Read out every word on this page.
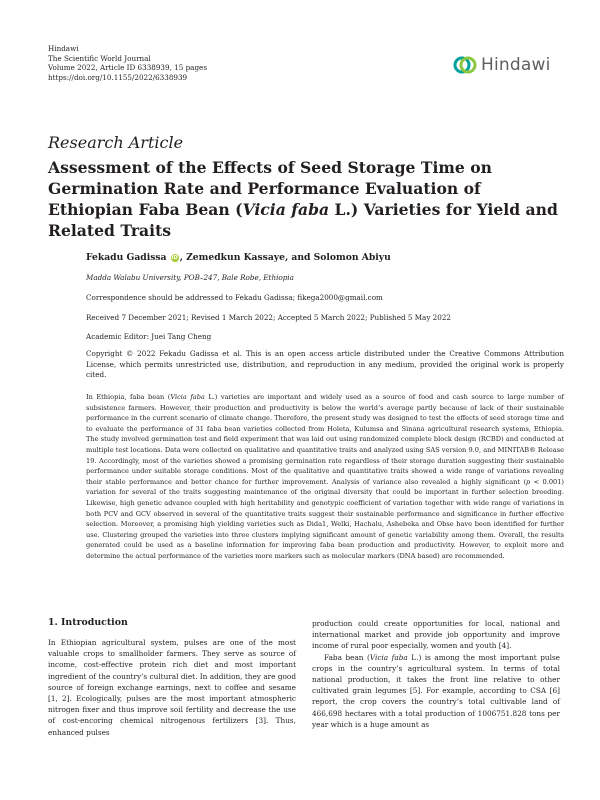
Hindawi
The Scientific World Journal
Volume 2022, Article ID 6338939, 15 pages
https://doi.org/10.1155/2022/6338939
Hindawi
Research Article
Assessment of the Effects of Seed Storage Time on Germination Rate and Performance Evaluation of Ethiopian Faba Bean (Vicia faba L.) Varieties for Yield and Related Traits
Fekadu Gadissa iD , Zemedkun Kassaye, and Solomon Abiyu
Madda Walabu University, POB–247, Bale Robe, Ethiopia
Correspondence should be addressed to Fekadu Gadissa; fikega2000@gmail.com
Received 7 December 2021; Revised 1 March 2022; Accepted 5 March 2022; Published 5 May 2022
Academic Editor: Juei Tang Cheng

Copyright © 2022 Fekadu Gadissa et al. This is an open access article distributed under the Creative Commons Attribution License, which permits unrestricted use, distribution, and reproduction in any medium, provided the original work is properly cited.

In Ethiopia, faba bean (Vicia faba L.) varieties are important and widely used as a source of food and cash source to large number of subsistence farmers. However, their production and productivity is below the world’s average partly because of lack of their sustainable performance in the current scenario of climate change. Therefore, the present study was designed to test the effects of seed storage time and to evaluate the performance of 31 faba bean varieties collected from Holeta, Kulumsa and Sinana agricultural research systems, Ethiopia. The study involved germination test and field experiment that was laid out using randomized complete block design (RCBD) and conducted at multiple test locations. Data were collected on qualitative and quantitative traits and analyzed using SAS version 9.0, and MINITAB® Release 19. Accordingly, most of the varieties showed a promising germination rate regardless of their storage duration suggesting their sustainable performance under suitable storage conditions. Most of the qualitative and quantitative traits showed a wide range of variations revealing their stable performance and better chance for further improvement. Analysis of variance also revealed a highly significant (p < 0.001) variation for several of the traits suggesting maintenance of the original diversity that could be important in further selection breeding. Likewise, high genetic advance coupled with high heritability and genotypic coefficient of variation together with wide range of variations in both PCV and GCV observed in several of the quantitative traits suggest their sustainable performance and significance in further effective selection. Moreover, a promising high yielding varieties such as Dida1, Welki, Hachalu, Ashebeka and Obse have been identified for further use. Clustering grouped the varieties into three clusters implying significant amount of genetic variability among them. Overall, the results generated could be used as a baseline information for improving faba bean production and productivity. However, to exploit more and determine the actual performance of the varieties more markers such as molecular markers (DNA based) are recommended.

1. Introduction

In Ethiopian agricultural system, pulses are one of the most valuable crops to smallholder farmers. They serve as source of income, cost-effective protein rich diet and most important ingredient of the country’s cultural diet. In addition, they are good source of foreign exchange earnings, next to coffee and sesame [1, 2]. Ecologically, pulses are the most important atmospheric nitrogen fixer and thus improve soil fertility and decrease the use of cost-encoring chemical nitrogenous fertilizers [3]. Thus, enhanced pulses

production could create opportunities for local, national and international market and provide job opportunity and improve income of rural poor especially, women and youth [4].

Faba bean (Vicia faba L.) is among the most important pulse crops in the country’s agricultural system. In terms of total national production, it takes the front line relative to other cultivated grain legumes [5]. For example, according to CSA [6] report, the crop covers the country’s total cultivable land of 466,698 hectares with a total production of 1006751.828 tons per year which is a huge amount as
